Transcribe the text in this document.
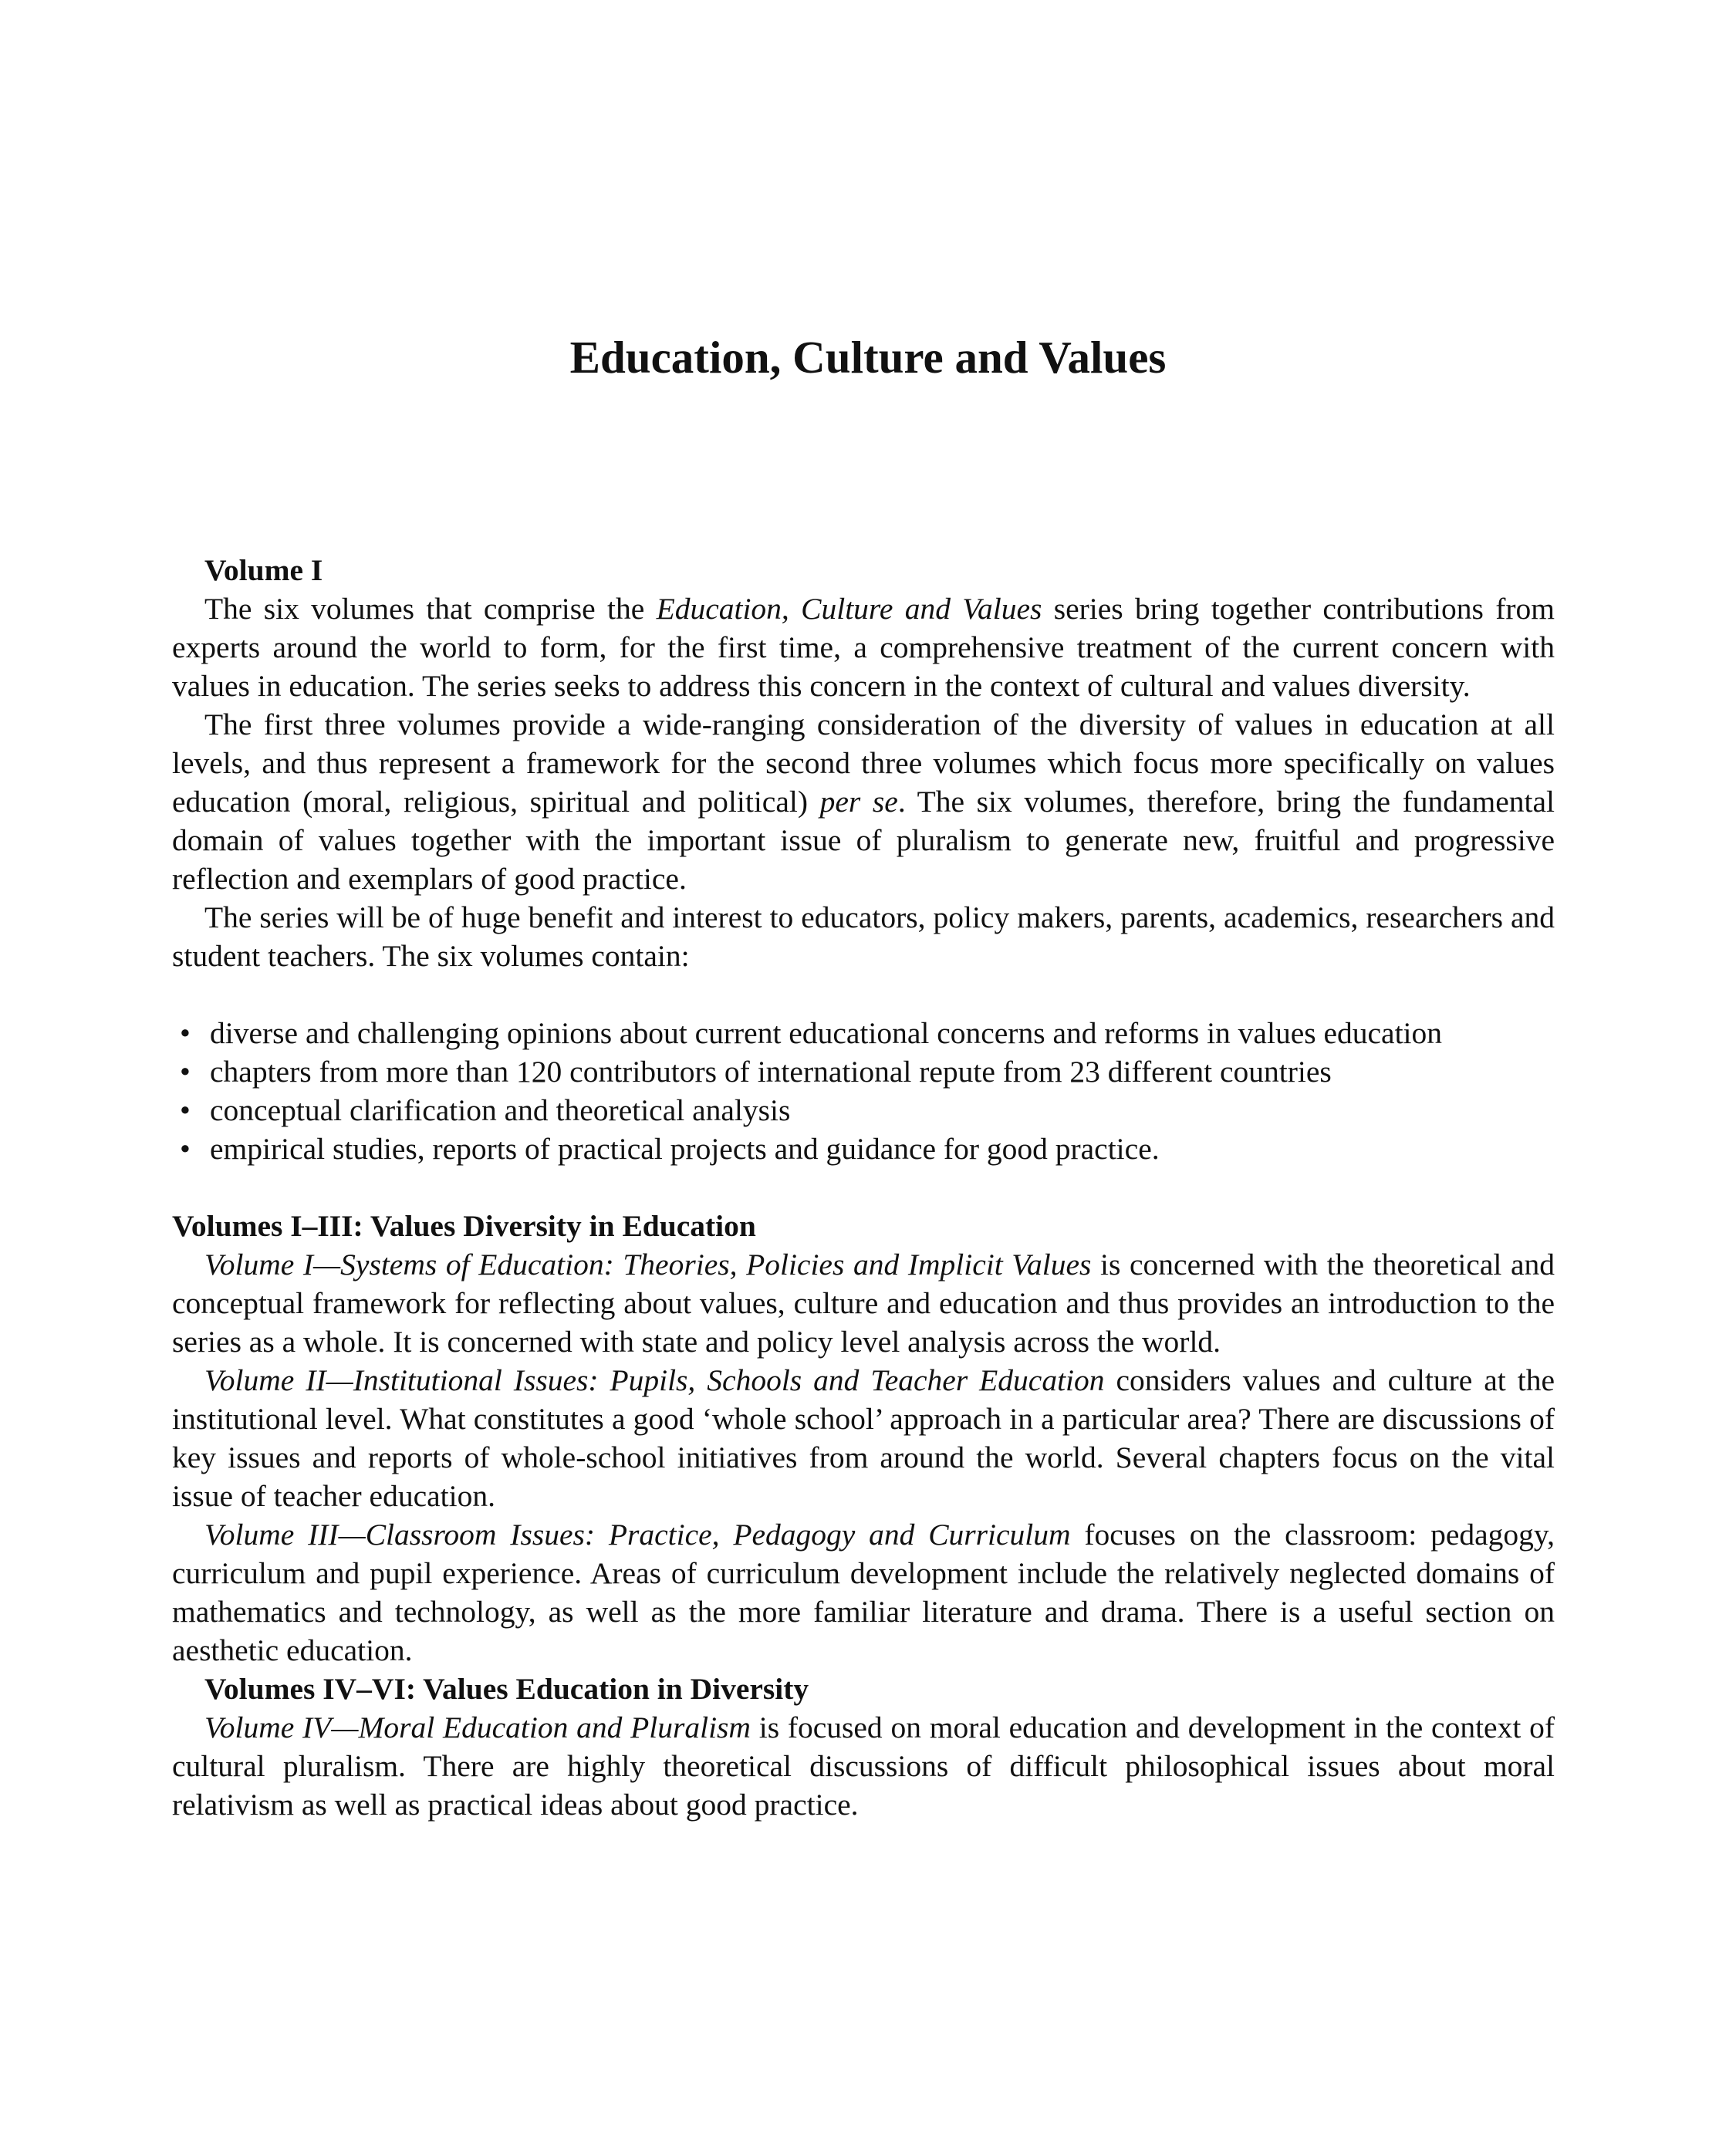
Education, Culture and Values

Volume I

The six volumes that comprise the Education, Culture and Values series bring together contributions from experts around the world to form, for the first time, a comprehensive treatment of the current concern with values in education. The series seeks to address this concern in the context of cultural and values diversity.

The first three volumes provide a wide-ranging consideration of the diversity of values in education at all levels, and thus represent a framework for the second three volumes which focus more specifically on values education (moral, religious, spiritual and political) per se. The six volumes, therefore, bring the fundamental domain of values together with the important issue of pluralism to generate new, fruitful and progressive reflection and exemplars of good practice.

The series will be of huge benefit and interest to educators, policy makers, parents, academics, researchers and student teachers. The six volumes contain:

• diverse and challenging opinions about current educational concerns and reforms in values education
• chapters from more than 120 contributors of international repute from 23 different countries
• conceptual clarification and theoretical analysis
• empirical studies, reports of practical projects and guidance for good practice.

Volumes I–III: Values Diversity in Education

Volume I—Systems of Education: Theories, Policies and Implicit Values is concerned with the theoretical and conceptual framework for reflecting about values, culture and education and thus provides an introduction to the series as a whole. It is concerned with state and policy level analysis across the world.

Volume II—Institutional Issues: Pupils, Schools and Teacher Education considers values and culture at the institutional level. What constitutes a good ‘whole school’ approach in a particular area? There are discussions of key issues and reports of whole-school initiatives from around the world. Several chapters focus on the vital issue of teacher education.

Volume III—Classroom Issues: Practice, Pedagogy and Curriculum focuses on the classroom: pedagogy, curriculum and pupil experience. Areas of curriculum development include the relatively neglected domains of mathematics and technology, as well as the more familiar literature and drama. There is a useful section on aesthetic education.

Volumes IV–VI: Values Education in Diversity

Volume IV—Moral Education and Pluralism is focused on moral education and development in the context of cultural pluralism. There are highly theoretical discussions of difficult philosophical issues about moral relativism as well as practical ideas about good practice.
